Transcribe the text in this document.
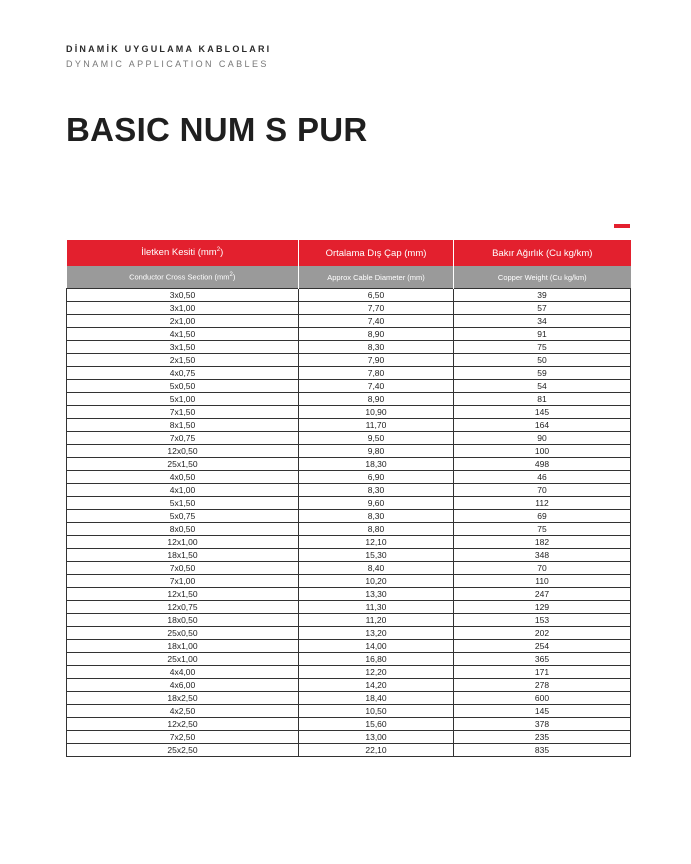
DİNAMİK UYGULAMA KABLOLARI
DYNAMIC APPLICATION CABLES
BASIC NUM S PUR
İletken Kesiti $(mm^2)$	Ortalama Dış Çap (mm)	Bakır Ağırlık (Cu kg/km)
Conductor Cross Section $(mm^2)$	Approx Cable Diameter (mm)	Copper Weight (Cu kg/km)
3x0,50	6,50	39
3x1,00	7,70	57
2x1,00	7,40	34
4x1,50	8,90	91
3x1,50	8,30	75
2x1,50	7,90	50
4x0,75	7,80	59
5x0,50	7,40	54
5x1,00	8,90	81
7x1,50	10,90	145
8x1,50	11,70	164
7x0,75	9,50	90
12x0,50	9,80	100
25x1,50	18,30	498
4x0,50	6,90	46
4x1,00	8,30	70
5x1,50	9,60	112
5x0,75	8,30	69
8x0,50	8,80	75
12x1,00	12,10	182
18x1,50	15,30	348
7x0,50	8,40	70
7x1,00	10,20	110
12x1,50	13,30	247
12x0,75	11,30	129
18x0,50	11,20	153
25x0,50	13,20	202
18x1,00	14,00	254
25x1,00	16,80	365
4x4,00	12,20	171
4x6,00	14,20	278
18x2,50	18,40	600
4x2,50	10,50	145
12x2,50	15,60	378
7x2,50	13,00	235
25x2,50	22,10	835
